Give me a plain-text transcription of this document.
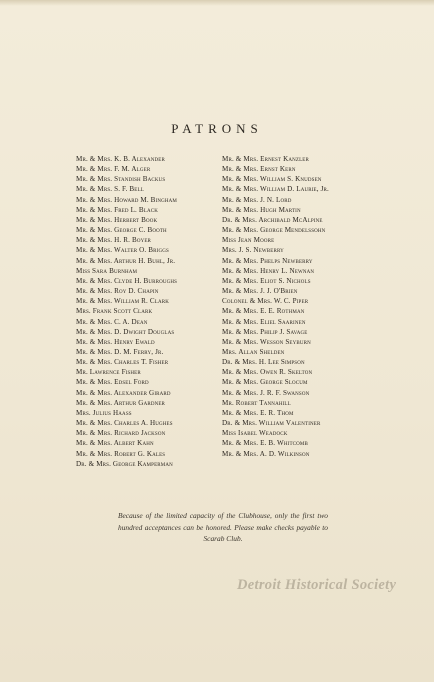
PATRONS
Mr. & Mrs. K. B. Alexander
Mr. & Mrs. F. M. Alger
Mr. & Mrs. Standish Backus
Mr. & Mrs. S. F. Bell
Mr. & Mrs. Howard M. Bingham
Mr. & Mrs. Fred L. Black
Mr. & Mrs. Herbert Book
Mr. & Mrs. George C. Booth
Mr. & Mrs. H. R. Boyer
Mr. & Mrs. Walter O. Briggs
Mr. & Mrs. Arthur H. Buhl, Jr.
Miss Sara Burnham
Mr. & Mrs. Clyde H. Burroughs
Mr. & Mrs. Roy D. Chapin
Mr. & Mrs. William R. Clark
Mrs. Frank Scott Clark
Mr. & Mrs. C. A. Dean
Mr. & Mrs. D. Dwight Douglas
Mr. & Mrs. Henry Ewald
Mr. & Mrs. D. M. Ferry, Jr.
Mr. & Mrs. Charles T. Fisher
Mr. Lawrence Fisher
Mr. & Mrs. Edsel Ford
Mr. & Mrs. Alexander Girard
Mr. & Mrs. Arthur Gardner
Mrs. Julius Haass
Mr. & Mrs. Charles A. Hughes
Mr. & Mrs. Richard Jackson
Mr. & Mrs. Albert Kahn
Mr. & Mrs. Robert G. Kales
Dr. & Mrs. George Kamperman
Mr. & Mrs. Ernest Kanzler
Mr. & Mrs. Ernst Kern
Mr. & Mrs. William S. Knudsen
Mr. & Mrs. William D. Laurie, Jr.
Mr. & Mrs. J. N. Lord
Mr. & Mrs. Hugh Martin
Dr. & Mrs. Archibald McAlpine
Mr. & Mrs. George Mendelssohn
Miss Jean Moore
Mrs. J. S. Newberry
Mr. & Mrs. Phelps Newberry
Mr. & Mrs. Henry L. Newnan
Mr. & Mrs. Eliot S. Nichols
Mr. & Mrs. J. J. O'Brien
Colonel & Mrs. W. C. Piper
Mr. & Mrs. E. E. Rothman
Mr. & Mrs. Eliel Saarinen
Mr. & Mrs. Philip J. Savage
Mr. & Mrs. Wesson Seyburn
Mrs. Allan Shelden
Dr. & Mrs. H. Lee Simpson
Mr. & Mrs. Owen R. Skelton
Mr. & Mrs. George Slocum
Mr. & Mrs. J. R. F. Swanson
Mr. Robert Tannahill
Mr. & Mrs. E. R. Thom
Dr. & Mrs. William Valentiner
Miss Isabel Weadock
Mr. & Mrs. E. B. Whitcomb
Mr. & Mrs. A. D. Wilkinson
Because of the limited capacity of the Clubhouse, only the first two hundred acceptances can be honored. Please make checks payable to Scarab Club.
Detroit Historical Society
